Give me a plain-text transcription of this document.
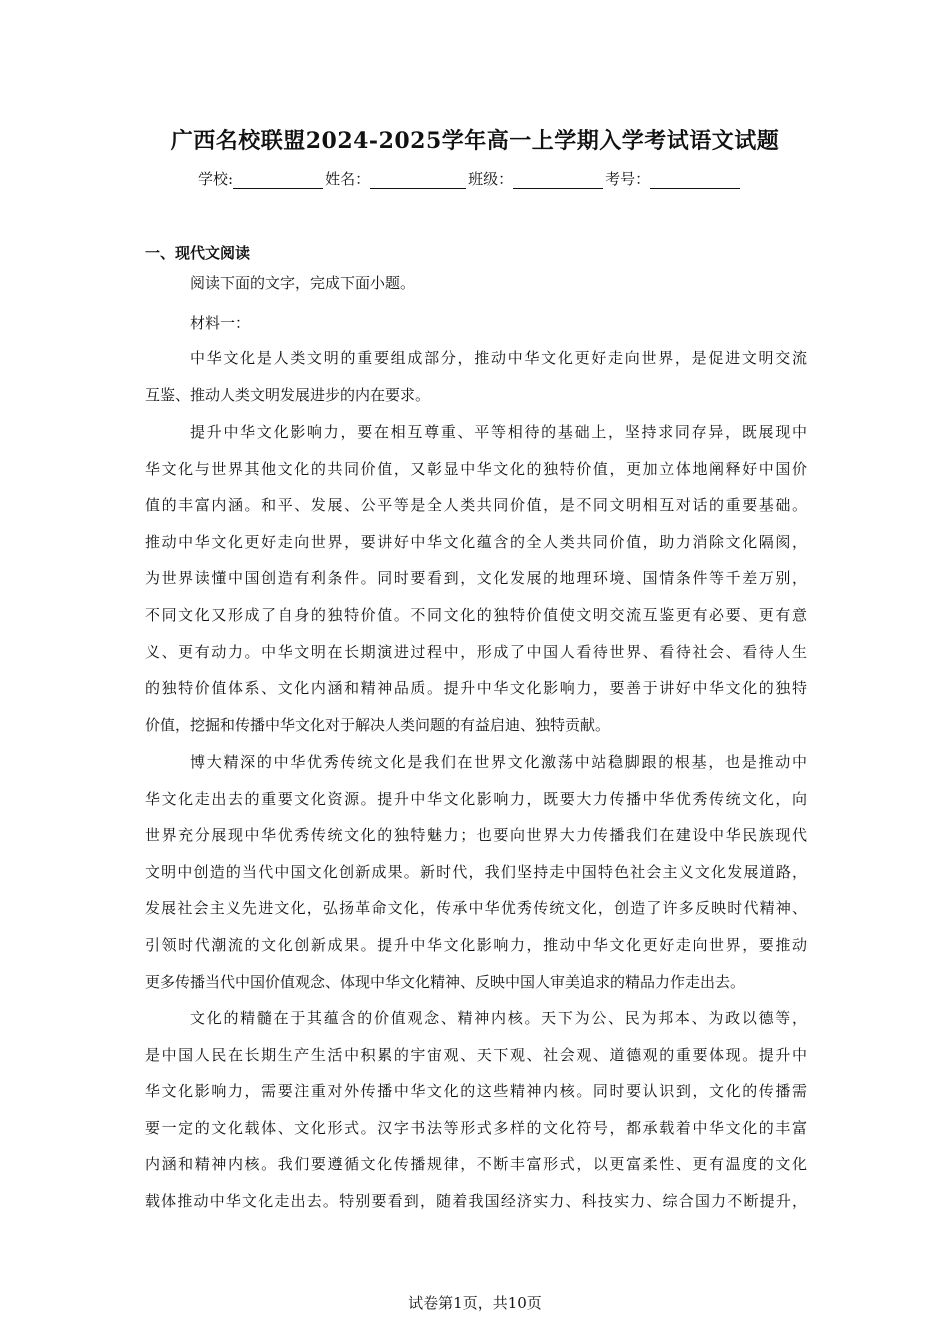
广西名校联盟2024-2025学年高一上学期入学考试语文试题
学校:	姓名：	班级：	考号：
一、现代文阅读
阅读下面的文字，完成下面小题。
材料一：
中华文化是人类文明的重要组成部分，推动中华文化更好走向世界，是促进文明交流
互鉴、推动人类文明发展进步的内在要求。
提升中华文化影响力，要在相互尊重、平等相待的基础上，坚持求同存异，既展现中
华文化与世界其他文化的共同价值，又彰显中华文化的独特价值，更加立体地阐释好中国价
值的丰富内涵。和平、发展、公平等是全人类共同价值，是不同文明相互对话的重要基础。
推动中华文化更好走向世界，要讲好中华文化蕴含的全人类共同价值，助力消除文化隔阂，
为世界读懂中国创造有利条件。同时要看到，文化发展的地理环境、国情条件等千差万别，
不同文化又形成了自身的独特价值。不同文化的独特价值使文明交流互鉴更有必要、更有意
义、更有动力。中华文明在长期演进过程中，形成了中国人看待世界、看待社会、看待人生
的独特价值体系、文化内涵和精神品质。提升中华文化影响力，要善于讲好中华文化的独特
价值，挖掘和传播中华文化对于解决人类问题的有益启迪、独特贡献。
博大精深的中华优秀传统文化是我们在世界文化激荡中站稳脚跟的根基，也是推动中
华文化走出去的重要文化资源。提升中华文化影响力，既要大力传播中华优秀传统文化，向
世界充分展现中华优秀传统文化的独特魅力；也要向世界大力传播我们在建设中华民族现代
文明中创造的当代中国文化创新成果。新时代，我们坚持走中国特色社会主义文化发展道路，
发展社会主义先进文化，弘扬革命文化，传承中华优秀传统文化，创造了许多反映时代精神、
引领时代潮流的文化创新成果。提升中华文化影响力，推动中华文化更好走向世界，要推动
更多传播当代中国价值观念、体现中华文化精神、反映中国人审美追求的精品力作走出去。
文化的精髓在于其蕴含的价值观念、精神内核。天下为公、民为邦本、为政以德等，
是中国人民在长期生产生活中积累的宇宙观、天下观、社会观、道德观的重要体现。提升中
华文化影响力，需要注重对外传播中华文化的这些精神内核。同时要认识到，文化的传播需
要一定的文化载体、文化形式。汉字书法等形式多样的文化符号，都承载着中华文化的丰富
内涵和精神内核。我们要遵循文化传播规律，不断丰富形式，以更富柔性、更有温度的文化
载体推动中华文化走出去。特别要看到，随着我国经济实力、科技实力、综合国力不断提升，
试卷第1页，共10页
